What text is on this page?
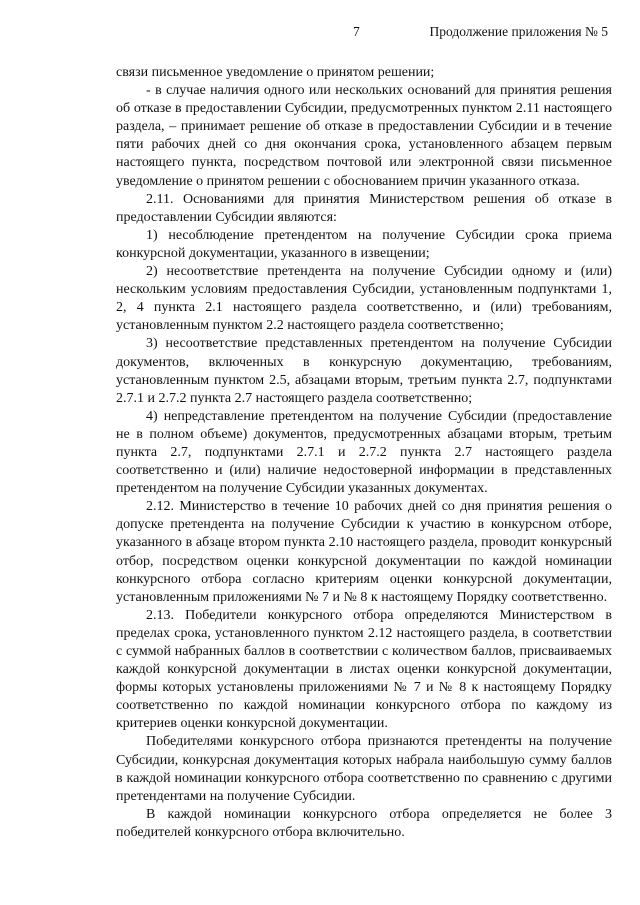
7	Продолжение приложения № 5

связи письменное уведомление о принятом решении;

- в случае наличия одного или нескольких оснований для принятия решения об отказе в предоставлении Субсидии, предусмотренных пунктом 2.11 настоящего раздела, – принимает решение об отказе в предоставлении Субсидии и в течение пяти рабочих дней со дня окончания срока, установленного абзацем первым настоящего пункта, посредством почтовой или электронной связи письменное уведомление о принятом решении с обоснованием причин указанного отказа.

2.11. Основаниями для принятия Министерством решения об отказе в предоставлении Субсидии являются:

1) несоблюдение претендентом на получение Субсидии срока приема конкурсной документации, указанного в извещении;

2) несоответствие претендента на получение Субсидии одному и (или) нескольким условиям предоставления Субсидии, установленным подпунктами 1, 2, 4 пункта 2.1 настоящего раздела соответственно, и (или) требованиям, установленным пунктом 2.2 настоящего раздела соответственно;

3) несоответствие представленных претендентом на получение Субсидии документов, включенных в конкурсную документацию, требованиям, установленным пунктом 2.5, абзацами вторым, третьим пункта 2.7, подпунктами 2.7.1 и 2.7.2 пункта 2.7 настоящего раздела соответственно;

4) непредставление претендентом на получение Субсидии (предоставление не в полном объеме) документов, предусмотренных абзацами вторым, третьим пункта 2.7, подпунктами 2.7.1 и 2.7.2 пункта 2.7 настоящего раздела соответственно и (или) наличие недостоверной информации в представленных претендентом на получение Субсидии указанных документах.

2.12. Министерство в течение 10 рабочих дней со дня принятия решения о допуске претендента на получение Субсидии к участию в конкурсном отборе, указанного в абзаце втором пункта 2.10 настоящего раздела, проводит конкурсный отбор, посредством оценки конкурсной документации по каждой номинации конкурсного отбора согласно критериям оценки конкурсной документации, установленным приложениями № 7 и № 8 к настоящему Порядку соответственно.

2.13. Победители конкурсного отбора определяются Министерством в пределах срока, установленного пунктом 2.12 настоящего раздела, в соответствии с суммой набранных баллов в соответствии с количеством баллов, присваиваемых каждой конкурсной документации в листах оценки конкурсной документации, формы которых установлены приложениями № 7 и № 8 к настоящему Порядку соответственно по каждой номинации конкурсного отбора по каждому из критериев оценки конкурсной документации.

Победителями конкурсного отбора признаются претенденты на получение Субсидии, конкурсная документация которых набрала наибольшую сумму баллов в каждой номинации конкурсного отбора соответственно по сравнению с другими претендентами на получение Субсидии.

В каждой номинации конкурсного отбора определяется не более 3 победителей конкурсного отбора включительно.
